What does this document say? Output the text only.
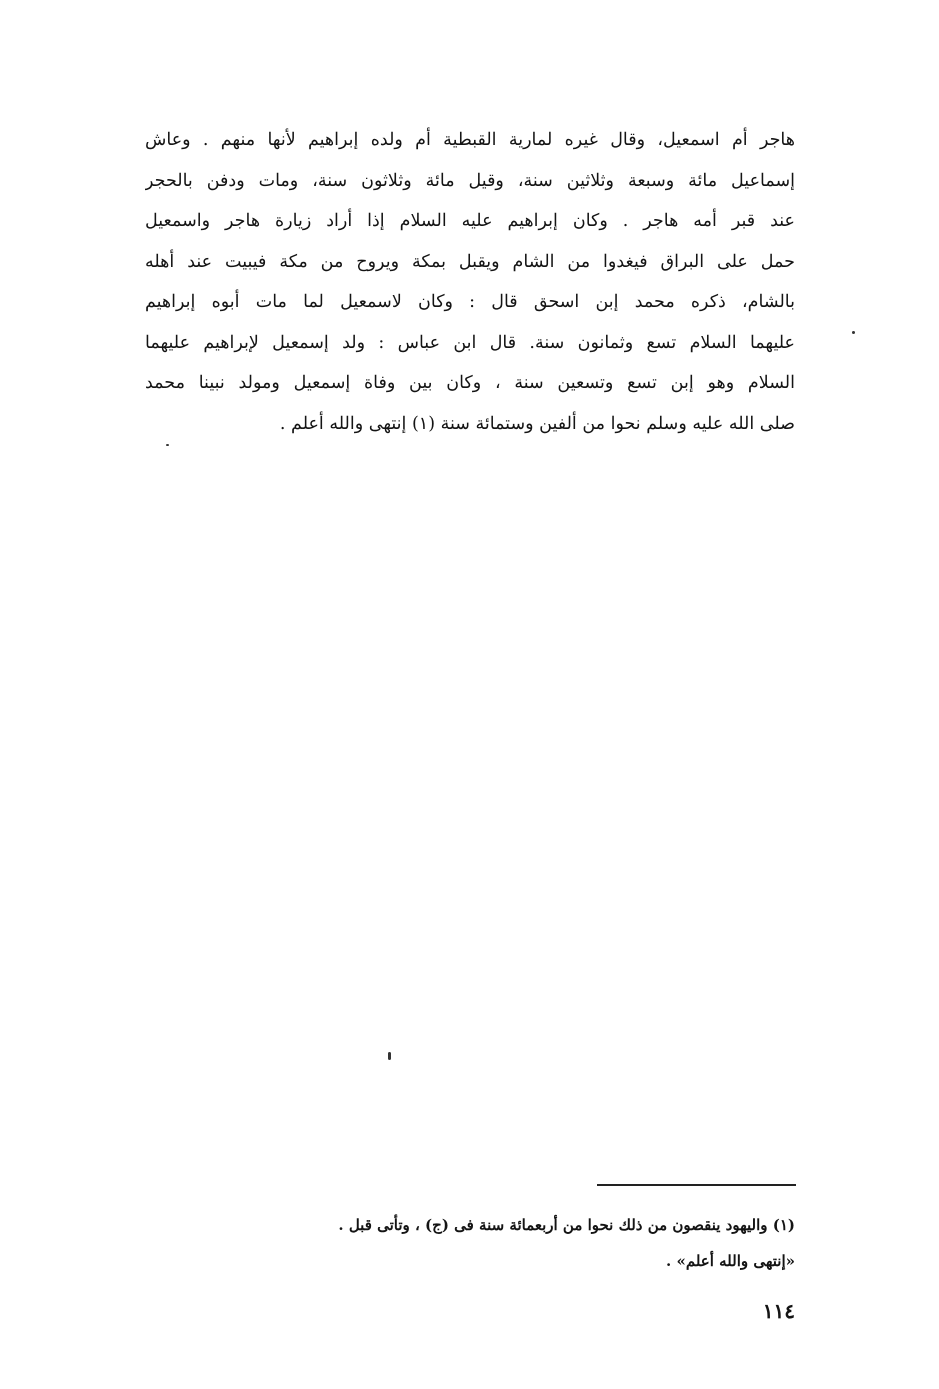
هاجر أم اسمعيل، وقال غيره لمارية القبطية أم ولده إبراهيم لأنها منهم . وعاش
إسماعيل مائة وسبعة وثلاثين سنة، وقيل مائة وثلاثون سنة، ومات ودفن بالحجر
عند قبر أمه هاجر . وكان إبراهيم عليه السلام إذا أراد زيارة هاجر واسمعيل
حمل على البراق فيغدوا من الشام ويقبل بمكة ويروح من مكة فيبيت عند أهله
بالشام، ذكره محمد إبن اسحق قال : وكان لاسمعيل لما مات أبوه إبراهيم
عليهما السلام تسع وثمانون سنة. قال ابن عباس : ولد إسمعيل لإبراهيم عليهما
السلام وهو إبن تسع وتسعين سنة ، وكان بين وفاة إسمعيل ومولد نبينا محمد
صلى الله عليه وسلم نحوا من ألفين وستمائة سنة (١) إنتهى والله أعلم .
(١) واليهود ينقصون من ذلك نحوا من أربعمائة سنة فى (ج) ، وتأتى قبل .
«إنتهى والله أعلم» .
١١٤
